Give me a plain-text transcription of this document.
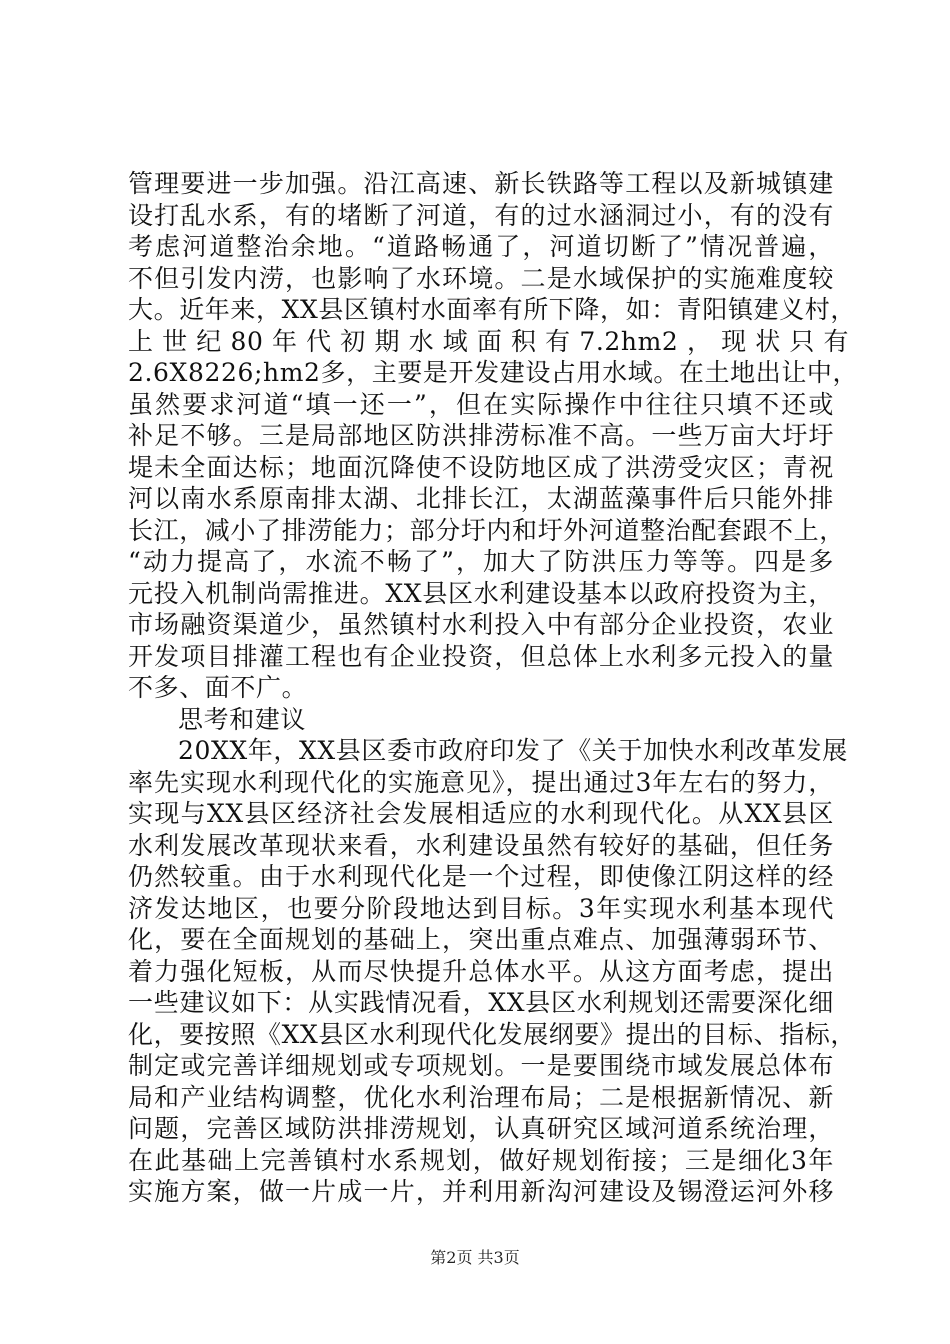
管理要进一步加强。沿江高速、新长铁路等工程以及新城镇建
设打乱水系，有的堵断了河道，有的过水涵洞过小，有的没有
考虑河道整治余地。“道路畅通了，河道切断了”情况普遍，
不但引发内涝，也影响了水环境。二是水域保护的实施难度较
大。近年来，XX县区镇村水面率有所下降，如：青阳镇建义村，
上 世 纪 80 年 代 初 期 水 域 面 积 有 7.2hm2 ， 现 状 只 有
2.6X8226;hm2多，主要是开发建设占用水域。在土地出让中，
虽然要求河道“填一还一”，但在实际操作中往往只填不还或
补足不够。三是局部地区防洪排涝标准不高。一些万亩大圩圩
堤未全面达标；地面沉降使不设防地区成了洪涝受灾区；青祝
河以南水系原南排太湖、北排长江，太湖蓝藻事件后只能外排
长江，减小了排涝能力；部分圩内和圩外河道整治配套跟不上，
“动力提高了，水流不畅了”，加大了防洪压力等等。四是多
元投入机制尚需推进。XX县区水利建设基本以政府投资为主，
市场融资渠道少，虽然镇村水利投入中有部分企业投资，农业
开发项目排灌工程也有企业投资，但总体上水利多元投入的量
不多、面不广。
思考和建议
20XX年，XX县区委市政府印发了《关于加快水利改革发展
率先实现水利现代化的实施意见》，提出通过3年左右的努力，
实现与XX县区经济社会发展相适应的水利现代化。从XX县区
水利发展改革现状来看，水利建设虽然有较好的基础，但任务
仍然较重。由于水利现代化是一个过程，即使像江阴这样的经
济发达地区，也要分阶段地达到目标。3年实现水利基本现代
化，要在全面规划的基础上，突出重点难点、加强薄弱环节、
着力强化短板，从而尽快提升总体水平。从这方面考虑，提出
一些建议如下：从实践情况看，XX县区水利规划还需要深化细
化，要按照《XX县区水利现代化发展纲要》提出的目标、指标，
制定或完善详细规划或专项规划。一是要围绕市域发展总体布
局和产业结构调整，优化水利治理布局；二是根据新情况、新
问题，完善区域防洪排涝规划，认真研究区域河道系统治理，
在此基础上完善镇村水系规划，做好规划衔接；三是细化3年
实施方案，做一片成一片，并利用新沟河建设及锡澄运河外移
第2页 共3页
